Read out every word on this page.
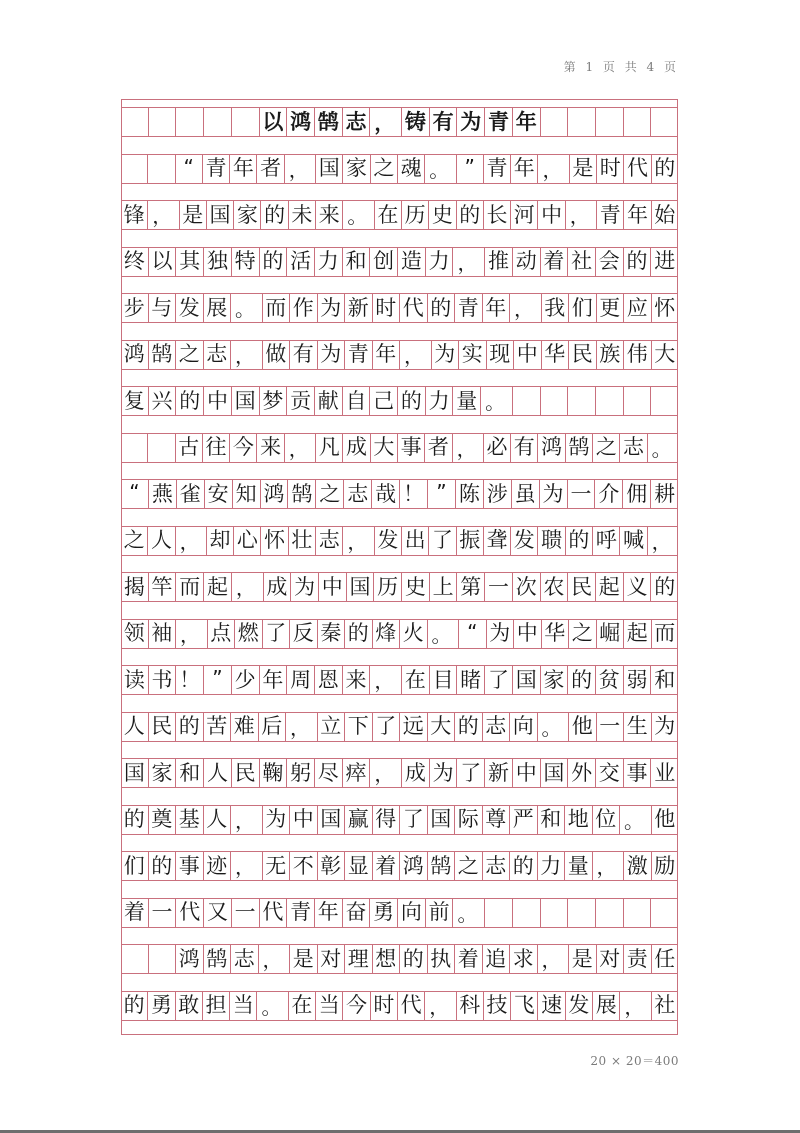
第 1 页 共 4 页
以 鸿 鹄 志 ， 铸 有 为 青 年
“ 青 年 者 ， 国 家 之 魂 。 ” 青 年 ， 是 时 代 的
锋 ， 是 国 家 的 未 来 。 在 历 史 的 长 河 中 ， 青 年 始
终 以 其 独 特 的 活 力 和 创 造 力 ， 推 动 着 社 会 的 进
步 与 发 展 。 而 作 为 新 时 代 的 青 年 ， 我 们 更 应 怀
鸿 鹄 之 志 ， 做 有 为 青 年 ， 为 实 现 中 华 民 族 伟 大
复 兴 的 中 国 梦 贡 献 自 己 的 力 量 。
古 往 今 来 ， 凡 成 大 事 者 ， 必 有 鸿 鹄 之 志 。
“ 燕 雀 安 知 鸿 鹄 之 志 哉 ！ ” 陈 涉 虽 为 一 介 佣 耕
之 人 ， 却 心 怀 壮 志 ， 发 出 了 振 聋 发 聩 的 呼 喊 ，
揭 竿 而 起 ， 成 为 中 国 历 史 上 第 一 次 农 民 起 义 的
领 袖 ， 点 燃 了 反 秦 的 烽 火 。 “ 为 中 华 之 崛 起 而
读 书 ！ ” 少 年 周 恩 来 ， 在 目 睹 了 国 家 的 贫 弱 和
人 民 的 苦 难 后 ， 立 下 了 远 大 的 志 向 。 他 一 生 为
国 家 和 人 民 鞠 躬 尽 瘁 ， 成 为 了 新 中 国 外 交 事 业
的 奠 基 人 ， 为 中 国 赢 得 了 国 际 尊 严 和 地 位 。 他
们 的 事 迹 ， 无 不 彰 显 着 鸿 鹄 之 志 的 力 量 ， 激 励
着 一 代 又 一 代 青 年 奋 勇 向 前 。
鸿 鹄 志 ， 是 对 理 想 的 执 着 追 求 ， 是 对 责 任
的 勇 敢 担 当 。 在 当 今 时 代 ， 科 技 飞 速 发 展 ， 社
20 × 20＝400
